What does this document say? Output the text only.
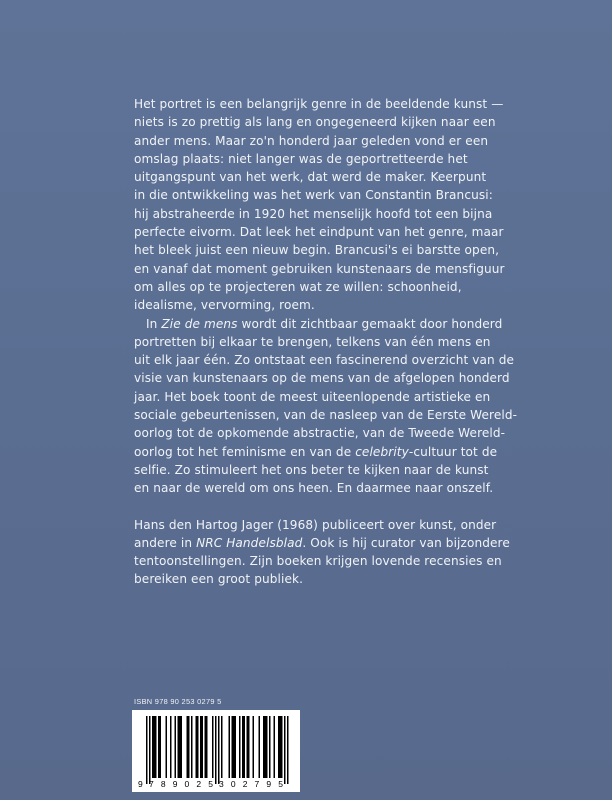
Het portret is een belangrijk genre in de beeldende kunst —
niets is zo prettig als lang en ongegeneerd kijken naar een
ander mens. Maar zo'n honderd jaar geleden vond er een
omslag plaats: niet langer was de geportretteerde het
uitgangspunt van het werk, dat werd de maker. Keerpunt
in die ontwikkeling was het werk van Constantin Brancusi:
hij abstraheerde in 1920 het menselijk hoofd tot een bijna
perfecte eivorm. Dat leek het eindpunt van het genre, maar
het bleek juist een nieuw begin. Brancusi's ei barstte open,
en vanaf dat moment gebruiken kunstenaars de mensfiguur
om alles op te projecteren wat ze willen: schoonheid,
idealisme, vervorming, roem.

In Zie de mens wordt dit zichtbaar gemaakt door honderd
portretten bij elkaar te brengen, telkens van één mens en
uit elk jaar één. Zo ontstaat een fascinerend overzicht van de
visie van kunstenaars op de mens van de afgelopen honderd
jaar. Het boek toont de meest uiteenlopende artistieke en
sociale gebeurtenissen, van de nasleep van de Eerste Wereld-
oorlog tot de opkomende abstractie, van de Tweede Wereld-
oorlog tot het feminisme en van de celebrity-cultuur tot de
selfie. Zo stimuleert het ons beter te kijken naar de kunst
en naar de wereld om ons heen. En daarmee naar onszelf.

Hans den Hartog Jager (1968) publiceert over kunst, onder
andere in NRC Handelsblad. Ook is hij curator van bijzondere
tentoonstellingen. Zijn boeken krijgen lovende recensies en
bereiken een groot publiek.

ISBN 978 90 253 0279 5
9 789025 302795
